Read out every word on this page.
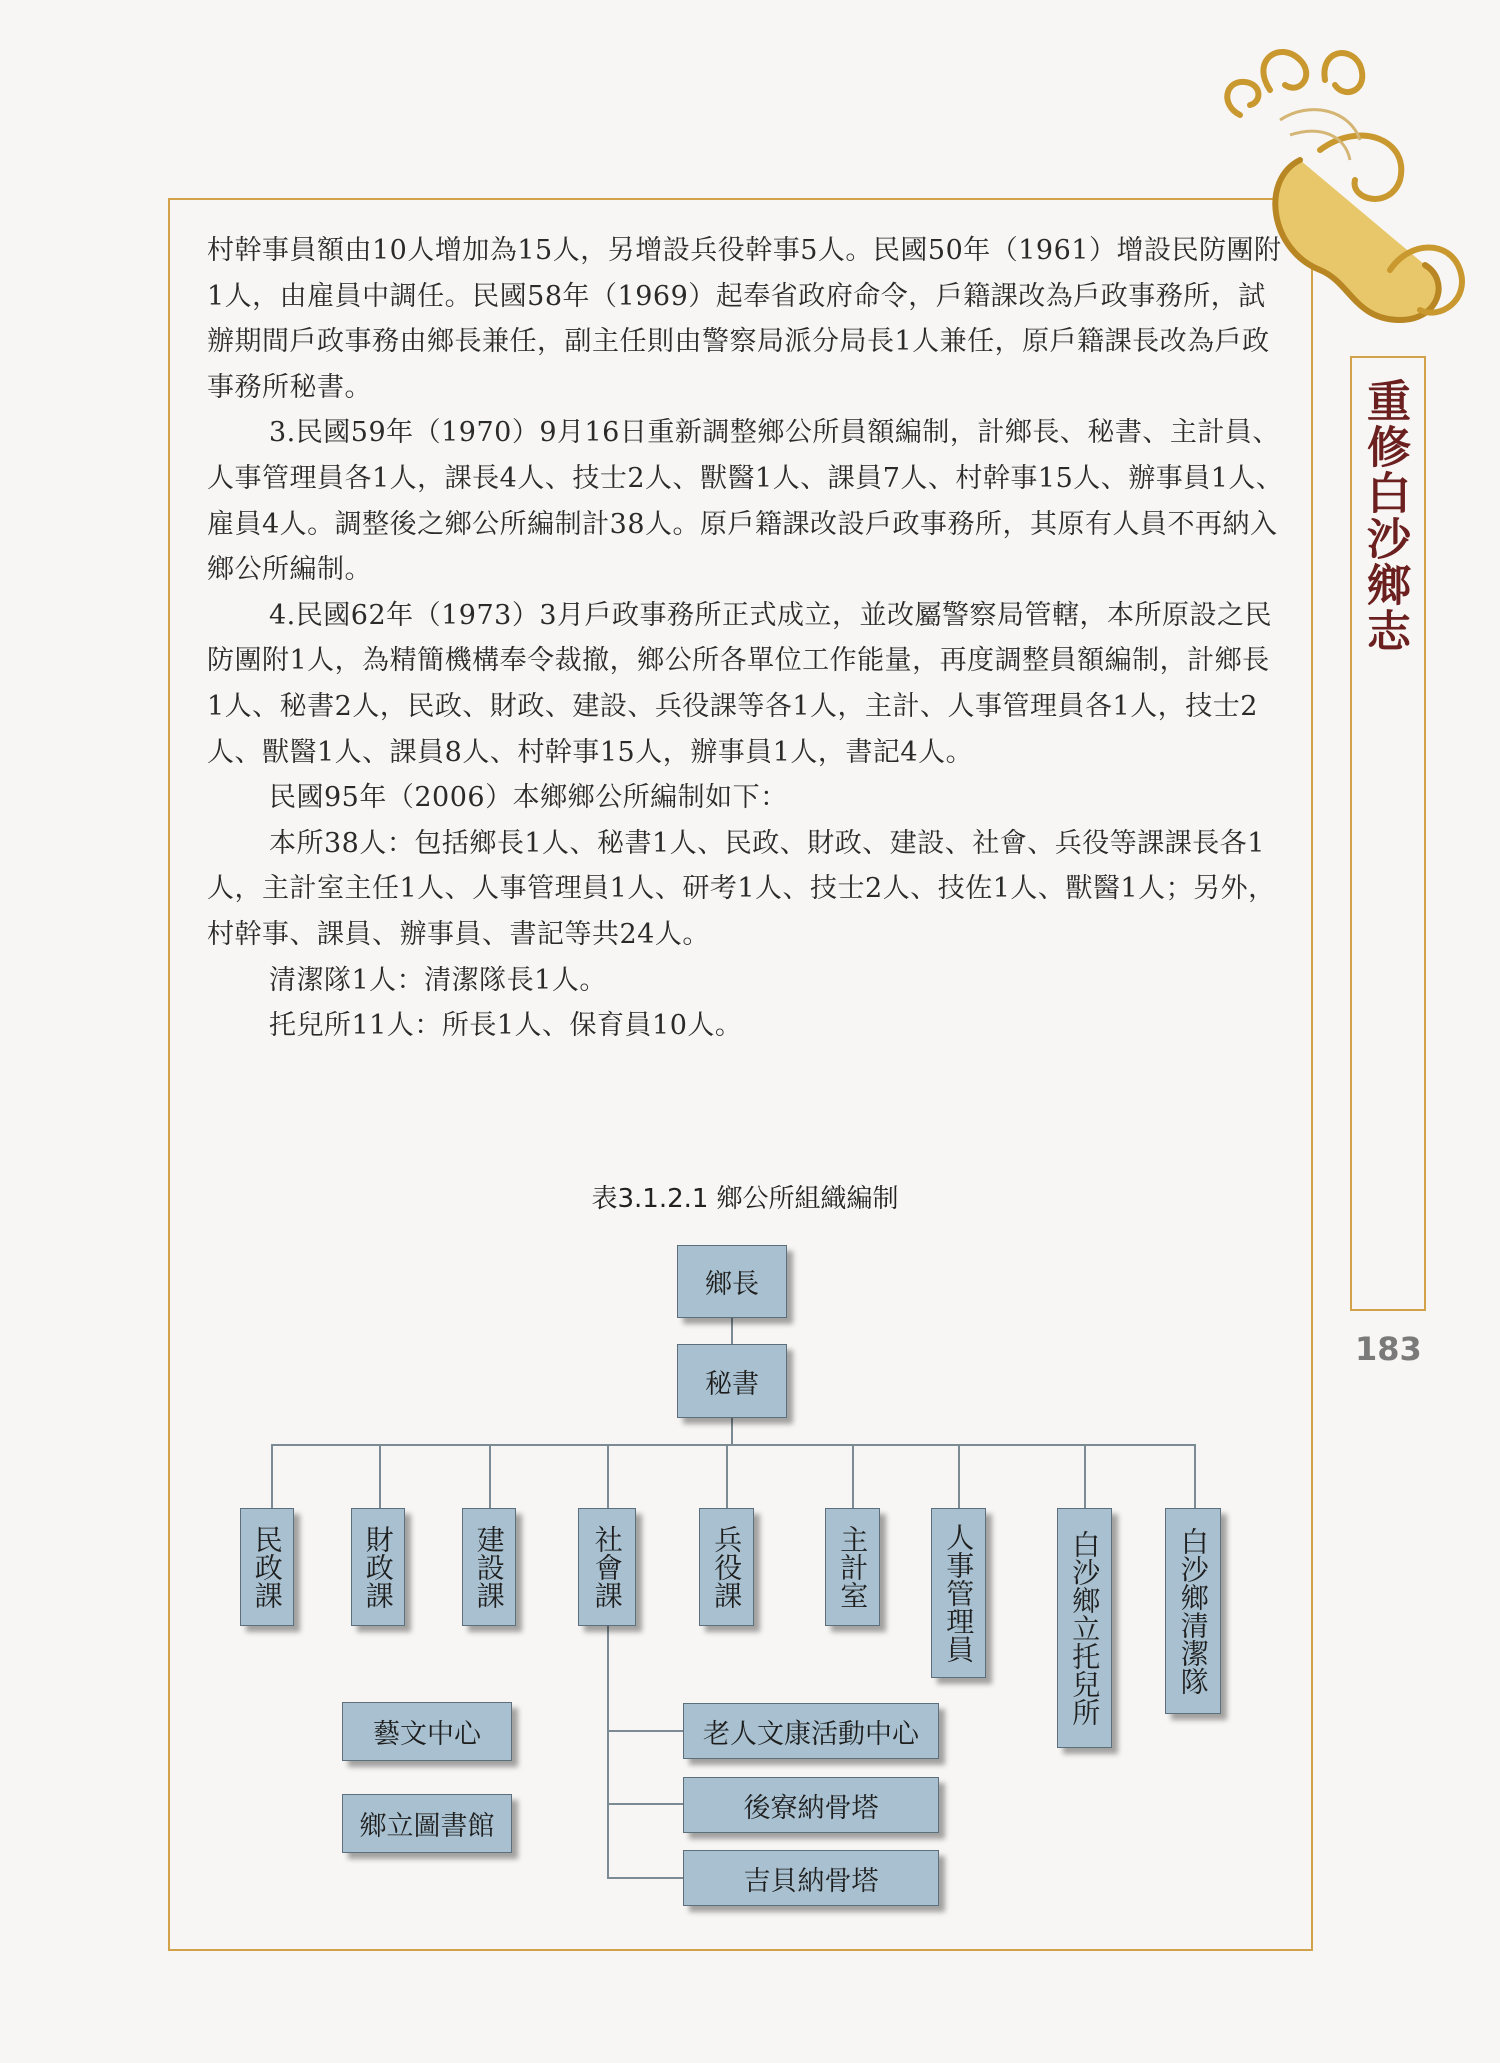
重修白沙鄉志
183

村幹事員額由10人增加為15人，另增設兵役幹事5人。民國50年（1961）增設民防團附1人，由雇員中調任。民國58年（1969）起奉省政府命令，戶籍課改為戶政事務所，試辦期間戶政事務由鄉長兼任，副主任則由警察局派分局長1人兼任，原戶籍課長改為戶政事務所秘書。

3.民國59年（1970）9月16日重新調整鄉公所員額編制，計鄉長、秘書、主計員、人事管理員各1人，課長4人、技士2人、獸醫1人、課員7人、村幹事15人、辦事員1人、雇員4人。調整後之鄉公所編制計38人。原戶籍課改設戶政事務所，其原有人員不再納入鄉公所編制。

4.民國62年（1973）3月戶政事務所正式成立，並改屬警察局管轄，本所原設之民防團附1人，為精簡機構奉令裁撤，鄉公所各單位工作能量，再度調整員額編制，計鄉長1人、秘書2人，民政、財政、建設、兵役課等各1人，主計、人事管理員各1人，技士2人、獸醫1人、課員8人、村幹事15人，辦事員1人，書記4人。

民國95年（2006）本鄉鄉公所編制如下：

本所38人：包括鄉長1人、秘書1人、民政、財政、建設、社會、兵役等課課長各1人，主計室主任1人、人事管理員1人、研考1人、技士2人、技佐1人、獸醫1人；另外，村幹事、課員、辦事員、書記等共24人。

清潔隊1人：清潔隊長1人。

托兒所11人：所長1人、保育員10人。

表3.1.2.1 鄉公所組織編制
鄉長
秘書
民政課	財政課	建設課	社會課	兵役課	主計室	人事管理員	白沙鄉立托兒所	白沙鄉清潔隊
老人文康活動中心
後寮納骨塔
吉貝納骨塔
藝文中心
鄉立圖書館
